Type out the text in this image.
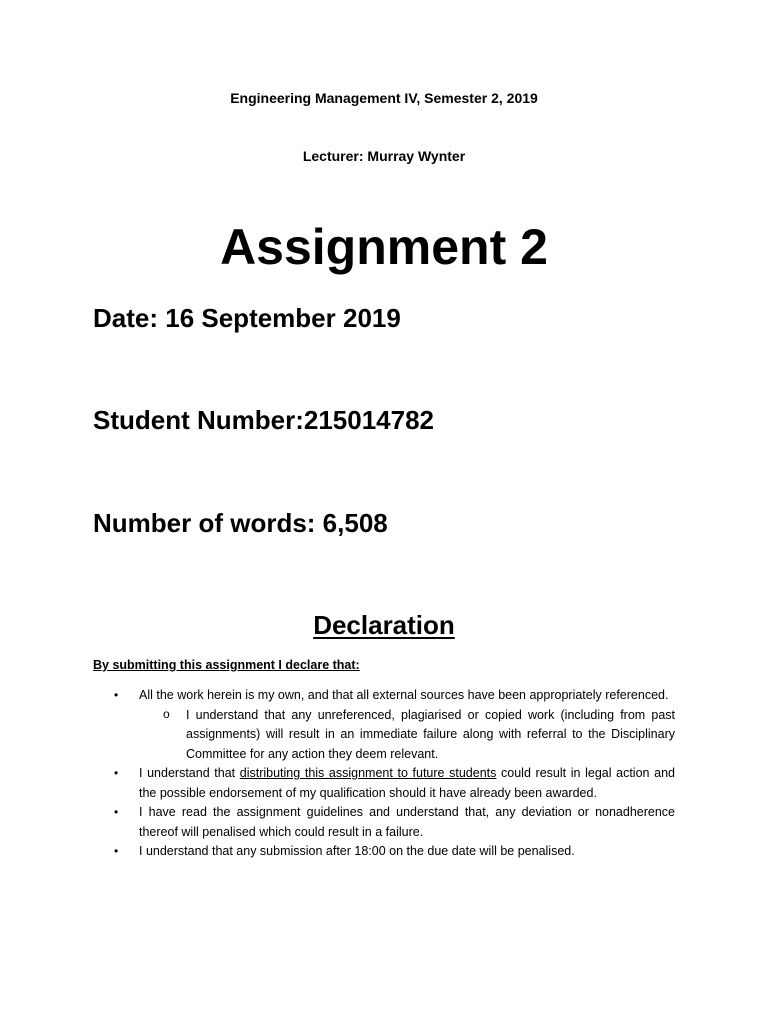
Engineering Management IV, Semester 2, 2019
Lecturer: Murray Wynter
Assignment 2
Date: 16 September 2019
Student Number:215014782
Number of words: 6,508
Declaration
By submitting this assignment I declare that:
• All the work herein is my own, and that all external sources have been appropriately referenced.
o I understand that any unreferenced, plagiarised or copied work (including from past assignments) will result in an immediate failure along with referral to the Disciplinary Committee for any action they deem relevant.
• I understand that distributing this assignment to future students could result in legal action and the possible endorsement of my qualification should it have already been awarded.
• I have read the assignment guidelines and understand that, any deviation or nonadherence thereof will penalised which could result in a failure.
• I understand that any submission after 18:00 on the due date will be penalised.
